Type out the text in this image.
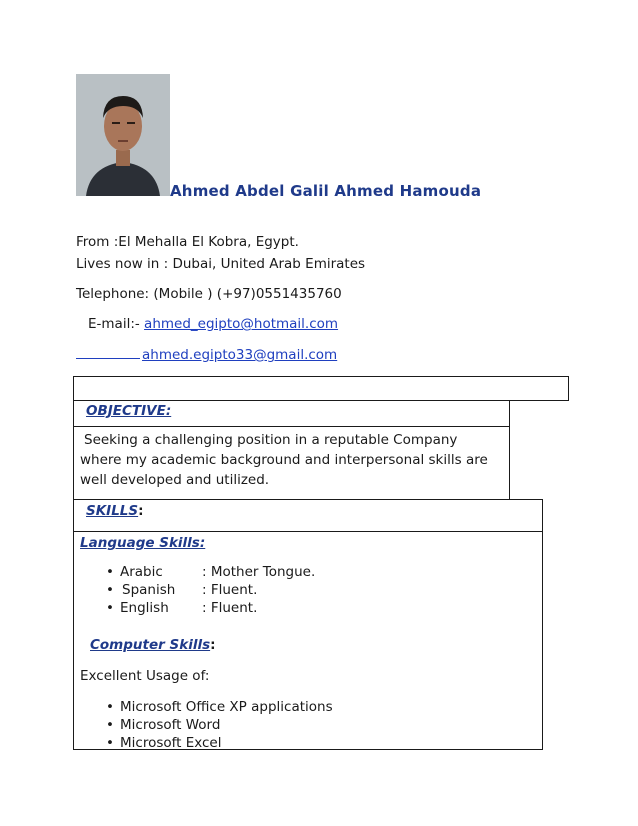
Ahmed Abdel Galil Ahmed Hamouda
From :El Mehalla El Kobra, Egypt.
Lives now in : Dubai, United Arab Emirates
Telephone: (Mobile ) (+97)0551435760
E-mail:- ahmed_egipto@hotmail.com
ahmed.egipto33@gmail.com
OBJECTIVE:
Seeking a challenging position in a reputable Company where my academic background and interpersonal skills are well developed and utilized.
SKILLS:
Language Skills:
• Arabic	: Mother Tongue.
• Spanish : Fluent.
• English : Fluent.
Computer Skills:
Excellent Usage of:
• Microsoft Office XP applications
• Microsoft Word
• Microsoft Excel
